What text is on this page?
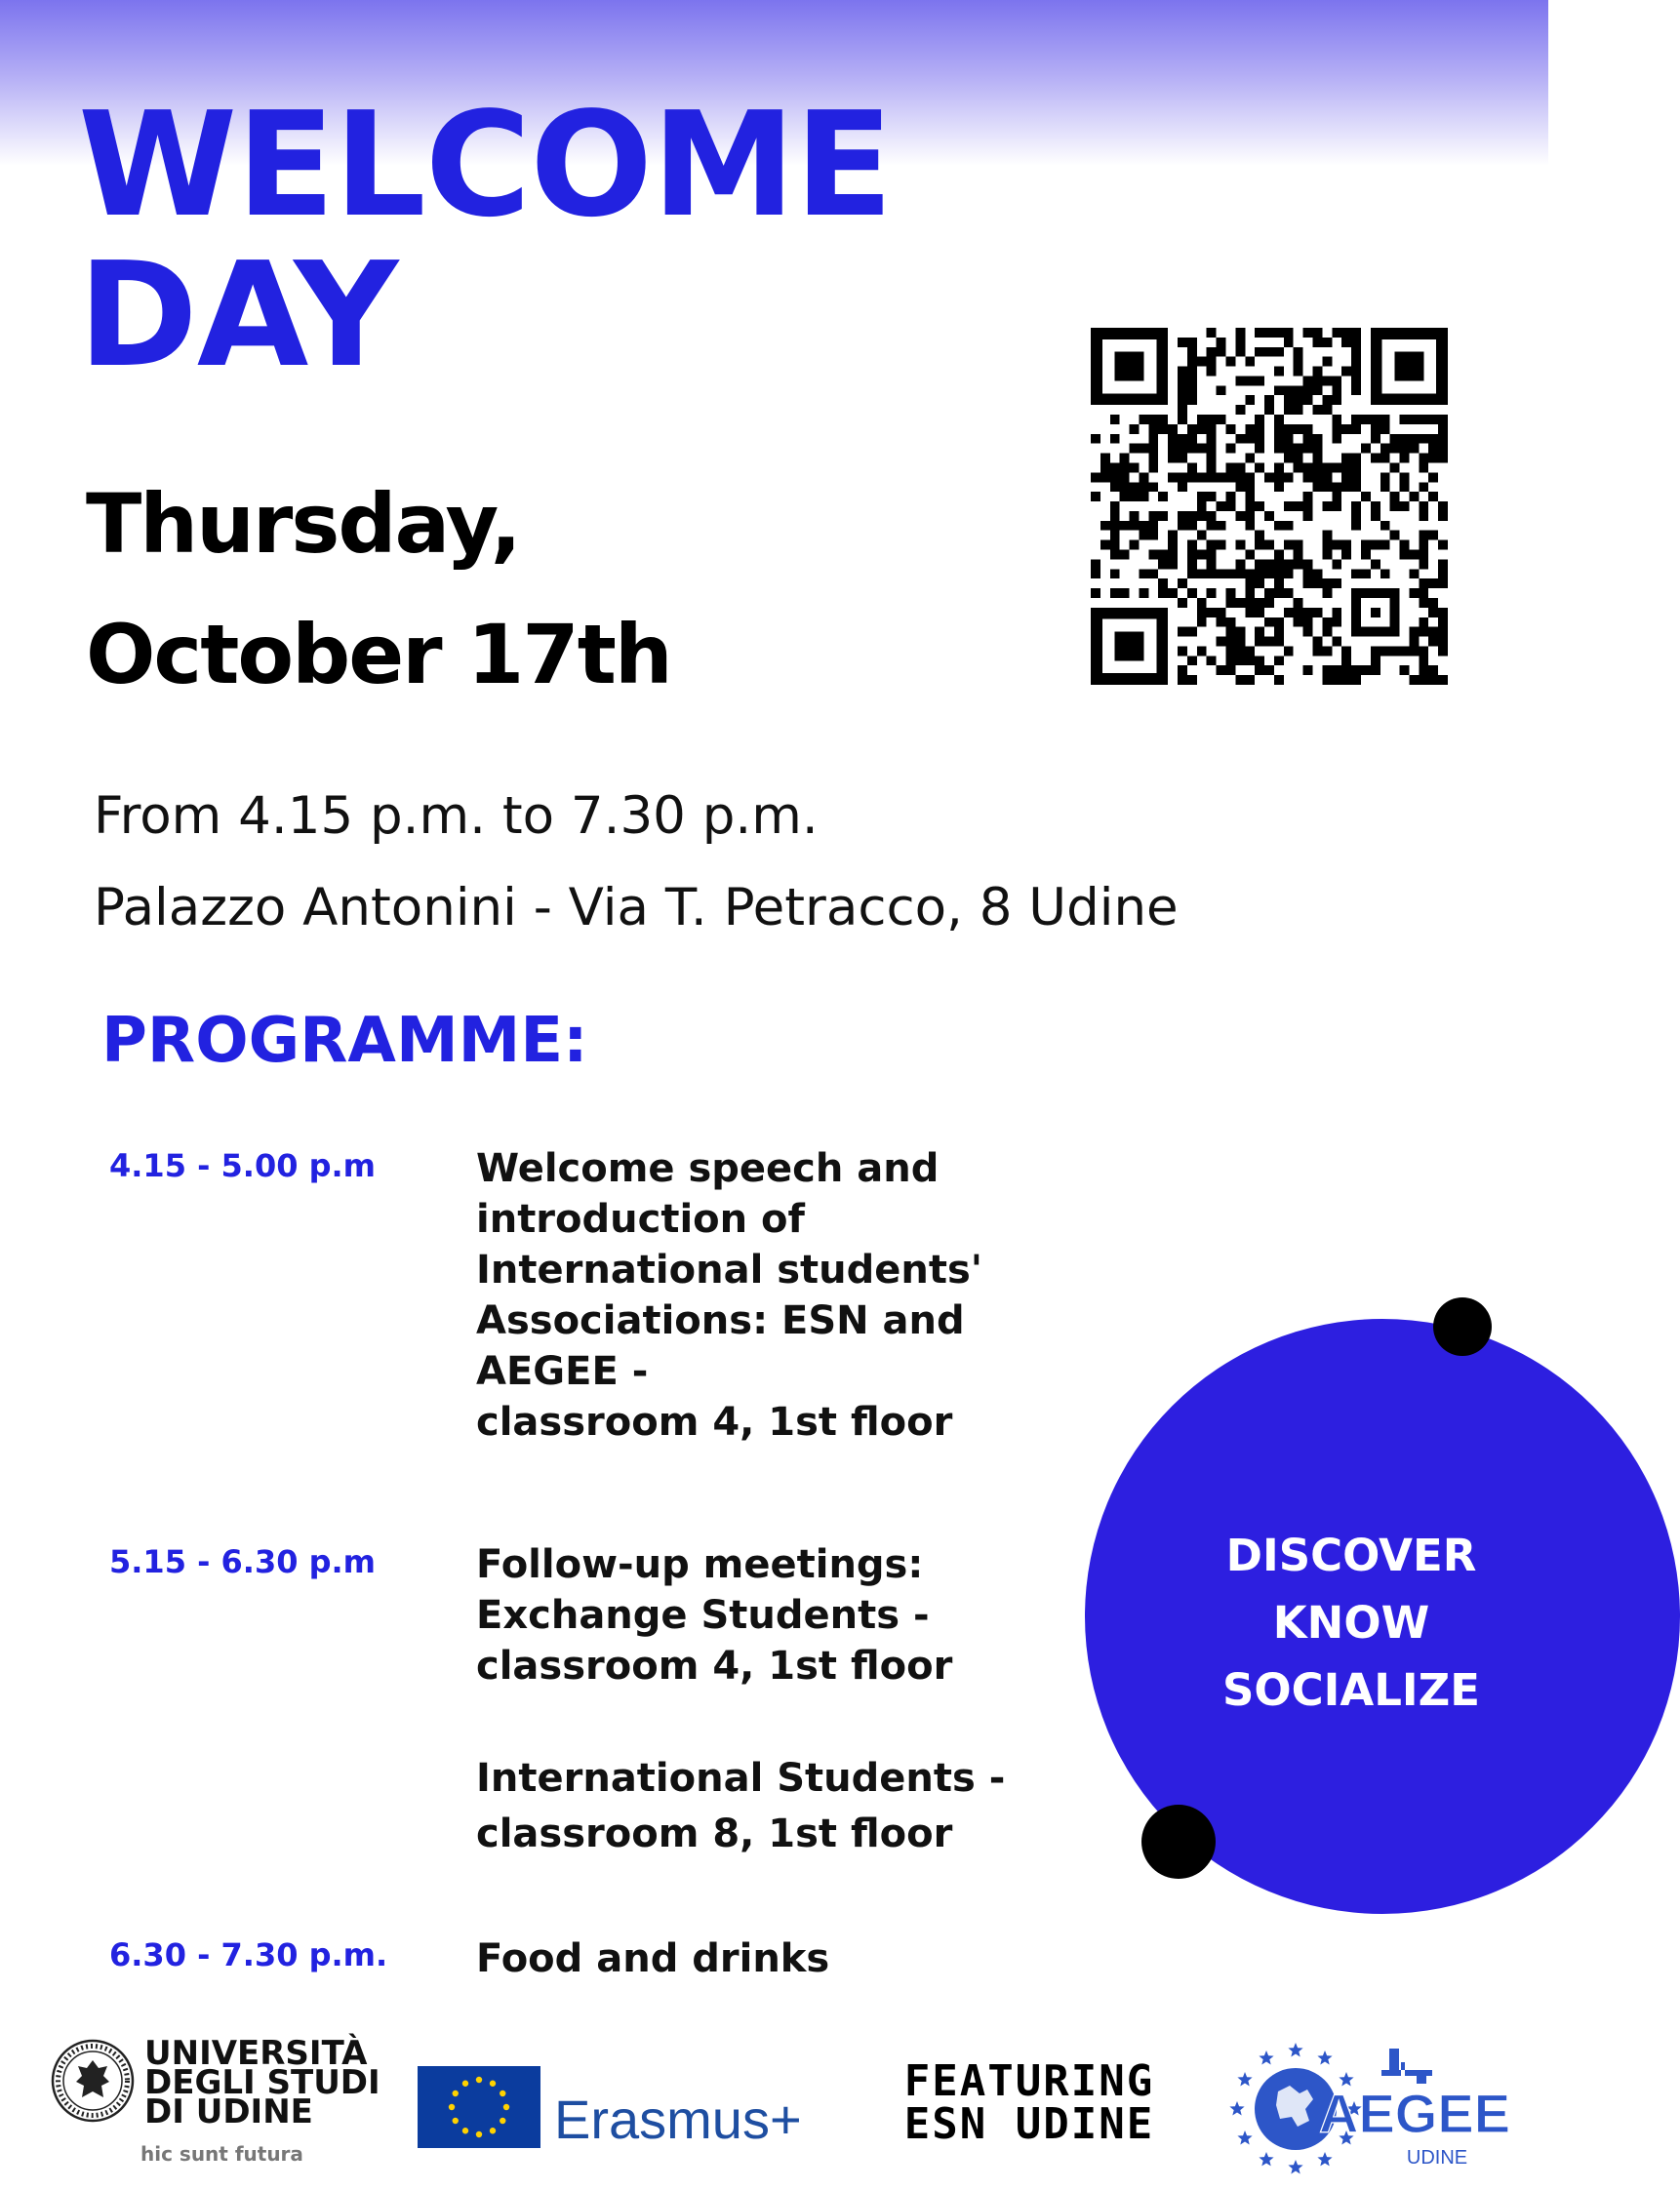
WELCOME
DAY
Thursday,
October 17th
From 4.15 p.m. to 7.30 p.m.
Palazzo Antonini - Via T. Petracco, 8 Udine
PROGRAMME:
4.15 - 5.00 p.m	Welcome speech and
introduction of
International students'
Associations: ESN and
AEGEE -
classroom 4, 1st floor
5.15 - 6.30 p.m	Follow-up meetings:
Exchange Students -
classroom 4, 1st floor
International Students -
classroom 8, 1st floor
6.30 - 7.30 p.m. Food and drinks
DISCOVER
KNOW
SOCIALIZE
UNIVERSITÀ
DEGLI STUDI
DI UDINE
hic sunt futura
Erasmus+
FEATURING
ESN UDINE	AEGEE
UDINE
